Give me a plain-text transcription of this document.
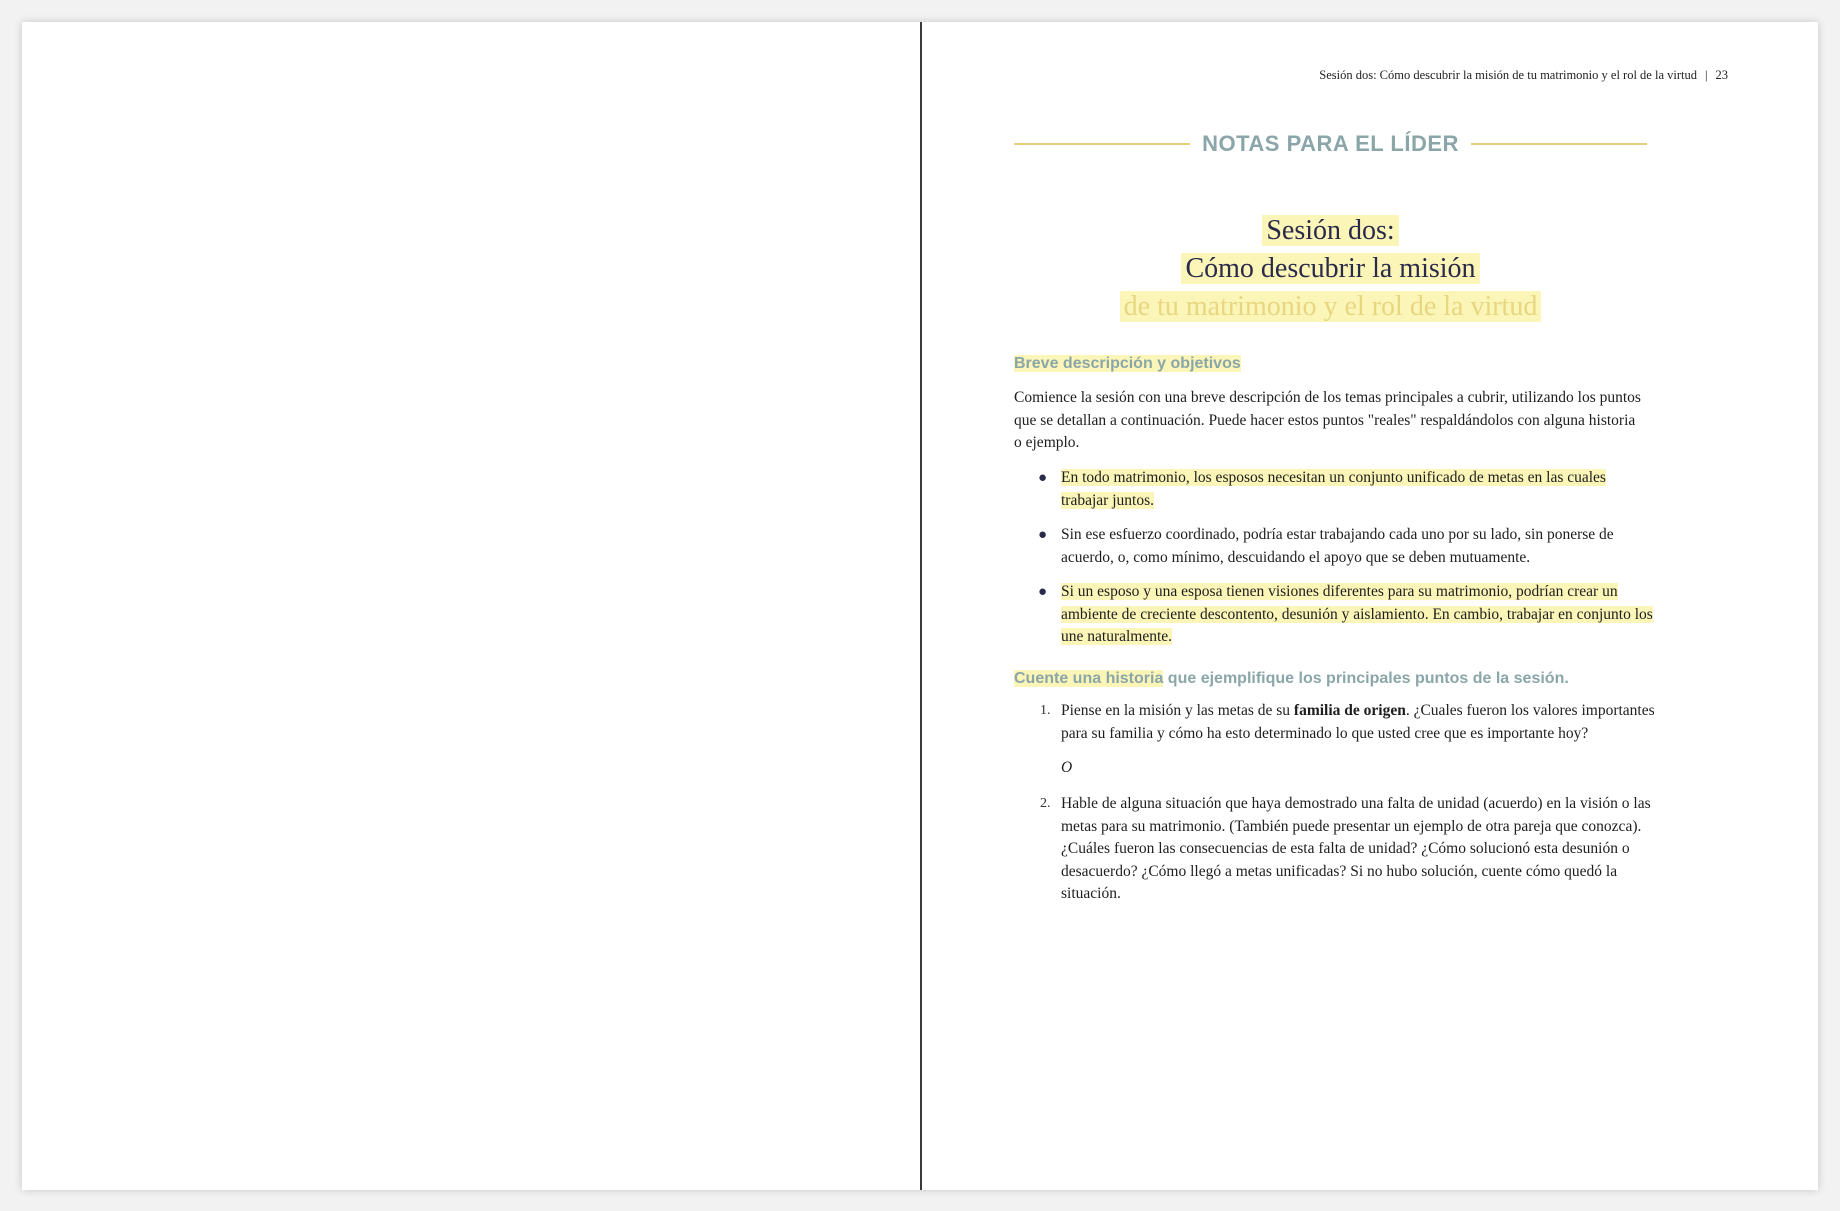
Sesión dos: Cómo descubrir la misión de tu matrimonio y el rol de la virtud | 23
NOTAS PARA EL LÍDER
Sesión dos:
Cómo descubrir la misión
de tu matrimonio y el rol de la virtud
Breve descripción y objetivos
Comience la sesión con una breve descripción de los temas principales a cubrir, utilizando los puntos que se detallan a continuación. Puede hacer estos puntos "reales" respaldándolos con alguna historia o ejemplo.
● En todo matrimonio, los esposos necesitan un conjunto unificado de metas en las cuales trabajar juntos.
● Sin ese esfuerzo coordinado, podría estar trabajando cada uno por su lado, sin ponerse de acuerdo, o, como mínimo, descuidando el apoyo que se deben mutuamente.
● Si un esposo y una esposa tienen visiones diferentes para su matrimonio, podrían crear un ambiente de creciente descontento, desunión y aislamiento. En cambio, trabajar en conjunto los une naturalmente.
Cuente una historia que ejemplifique los principales puntos de la sesión.
1. Piense en la misión y las metas de su familia de origen. ¿Cuales fueron los valores importantes para su familia y cómo ha esto determinado lo que usted cree que es importante hoy?
O
2. Hable de alguna situación que haya demostrado una falta de unidad (acuerdo) en la visión o las metas para su matrimonio. (También puede presentar un ejemplo de otra pareja que conozca). ¿Cuáles fueron las consecuencias de esta falta de unidad? ¿Cómo solucionó esta desunión o desacuerdo? ¿Cómo llegó a metas unificadas? Si no hubo solución, cuente cómo quedó la situación.
